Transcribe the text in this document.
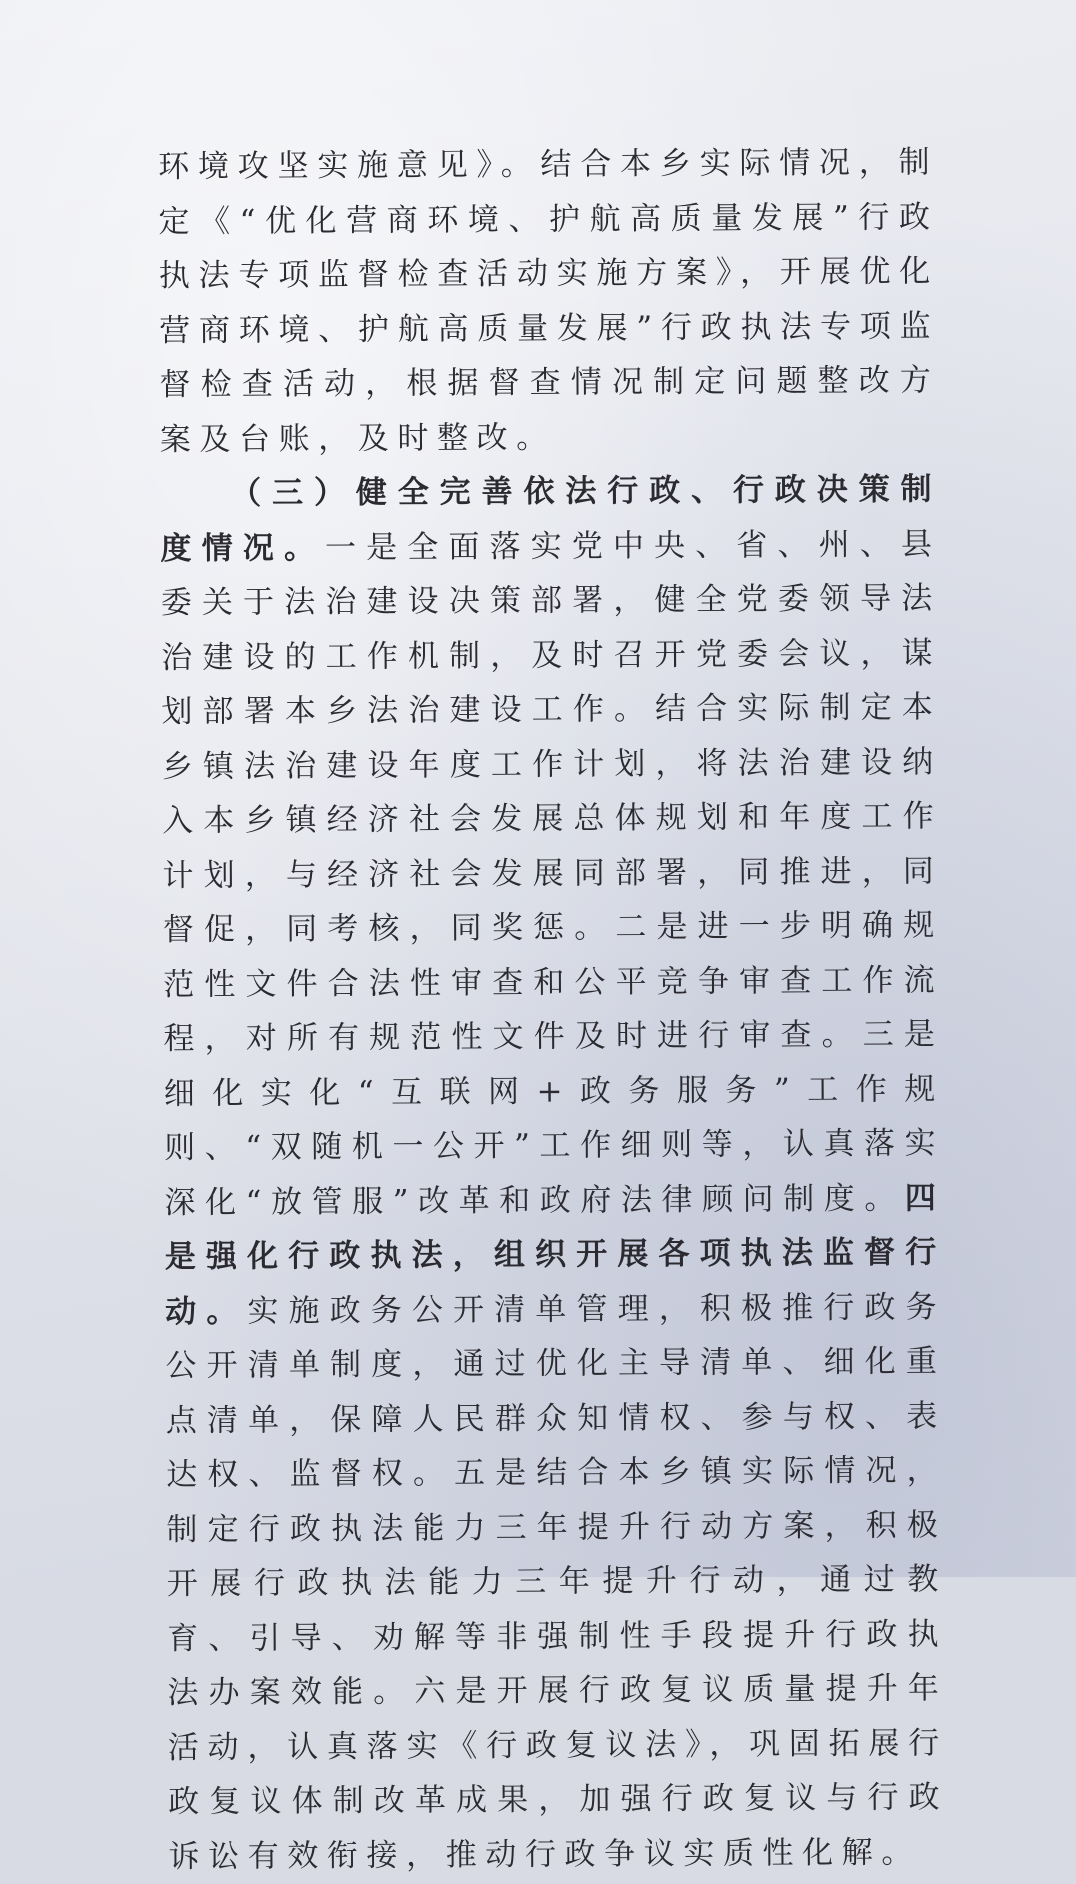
环境攻坚实施意见》。结合本乡实际情况，制定《“优化营商环境、护航高质量发展”行政执法专项监督检查活动实施方案》，开展优化营商环境、护航高质量发展”行政执法专项监督检查活动，根据督查情况制定问题整改方案及台账，及时整改。

（三）健全完善依法行政、行政决策制度情况。一是全面落实党中央、省、州、县委关于法治建设决策部署，健全党委领导法治建设的工作机制，及时召开党委会议，谋划部署本乡法治建设工作。结合实际制定本乡镇法治建设年度工作计划，将法治建设纳入本乡镇经济社会发展总体规划和年度工作计划，与经济社会发展同部署，同推进，同督促，同考核，同奖惩。二是进一步明确规范性文件合法性审查和公平竞争审查工作流程，对所有规范性文件及时进行审查。三是细化实化“互联网+政务服务”工作规则、“双随机一公开”工作细则等，认真落实深化“放管服”改革和政府法律顾问制度。四是强化行政执法，组织开展各项执法监督行动。实施政务公开清单管理，积极推行政务公开清单制度，通过优化主导清单、细化重点清单，保障人民群众知情权、参与权、表达权、监督权。五是结合本乡镇实际情况，制定行政执法能力三年提升行动方案，积极开展行政执法能力三年提升行动，通过教育、引导、劝解等非强制性手段提升行政执法办案效能。六是开展行政复议质量提升年活动，认真落实《行政复议法》，巩固拓展行政复议体制改革成果，加强行政复议与行政诉讼有效衔接，推动行政争议实质性化解。
